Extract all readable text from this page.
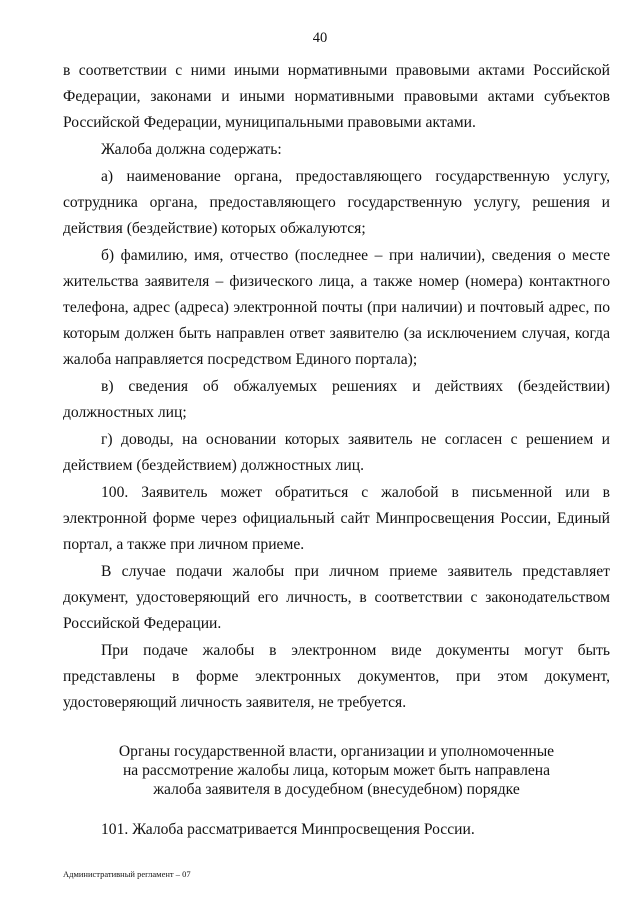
40

в соответствии с ними иными нормативными правовыми актами Российской Федерации, законами и иными нормативными правовыми актами субъектов Российской Федерации, муниципальными правовыми актами.

Жалоба должна содержать:

а) наименование органа, предоставляющего государственную услугу, сотрудника органа, предоставляющего государственную услугу, решения и действия (бездействие) которых обжалуются;

б) фамилию, имя, отчество (последнее – при наличии), сведения о месте жительства заявителя – физического лица, а также номер (номера) контактного телефона, адрес (адреса) электронной почты (при наличии) и почтовый адрес, по которым должен быть направлен ответ заявителю (за исключением случая, когда жалоба направляется посредством Единого портала);

в) сведения об обжалуемых решениях и действиях (бездействии) должностных лиц;

г) доводы, на основании которых заявитель не согласен с решением и действием (бездействием) должностных лиц.

100. Заявитель может обратиться с жалобой в письменной или в электронной форме через официальный сайт Минпросвещения России, Единый портал, а также при личном приеме.

В случае подачи жалобы при личном приеме заявитель представляет документ, удостоверяющий его личность, в соответствии с законодательством Российской Федерации.

При подаче жалобы в электронном виде документы могут быть представлены в форме электронных документов, при этом документ, удостоверяющий личность заявителя, не требуется.

Органы государственной власти, организации и уполномоченные
на рассмотрение жалобы лица, которым может быть направлена
жалоба заявителя в досудебном (внесудебном) порядке

101. Жалоба рассматривается Минпросвещения России.

Административный регламент – 07
